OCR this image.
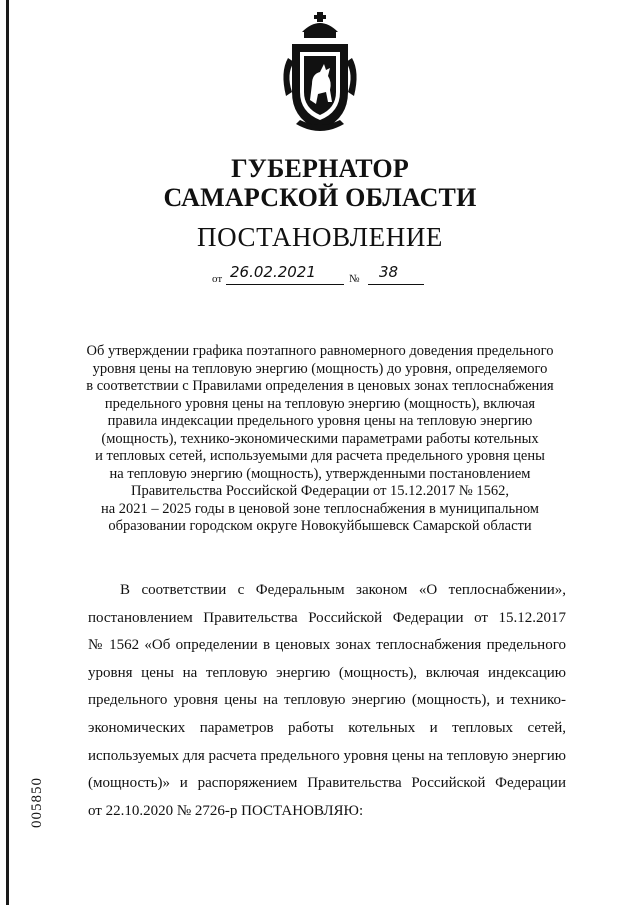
ГУБЕРНАТОР
САМАРСКОЙ ОБЛАСТИ
ПОСТАНОВЛЕНИЕ
от 26.02.2021	№ 38
Об утверждении графика поэтапного равномерного доведения предельного
уровня цены на тепловую энергию (мощность) до уровня, определяемого
в соответствии с Правилами определения в ценовых зонах теплоснабжения
предельного уровня цены на тепловую энергию (мощность), включая
правила индексации предельного уровня цены на тепловую энергию
(мощность), технико-экономическими параметрами работы котельных
и тепловых сетей, используемыми для расчета предельного уровня цены
на тепловую энергию (мощность), утвержденными постановлением
Правительства Российской Федерации от 15.12.2017 № 1562,
на 2021 – 2025 годы в ценовой зоне теплоснабжения в муниципальном
образовании городском округе Новокуйбышевск Самарской области
В соответствии с Федеральным законом «О теплоснабжении»,
постановлением Правительства Российской Федерации от 15.12.2017
№ 1562 «Об определении в ценовых зонах теплоснабжения предельного
уровня цены на тепловую энергию (мощность), включая индексацию
предельного уровня цены на тепловую энергию (мощность), и технико-
экономических параметров работы котельных и тепловых сетей,
используемых для расчета предельного уровня цены на тепловую энергию
(мощность)» и распоряжением Правительства Российской Федерации
от 22.10.2020 № 2726-р ПОСТАНОВЛЯЮ:
005850
